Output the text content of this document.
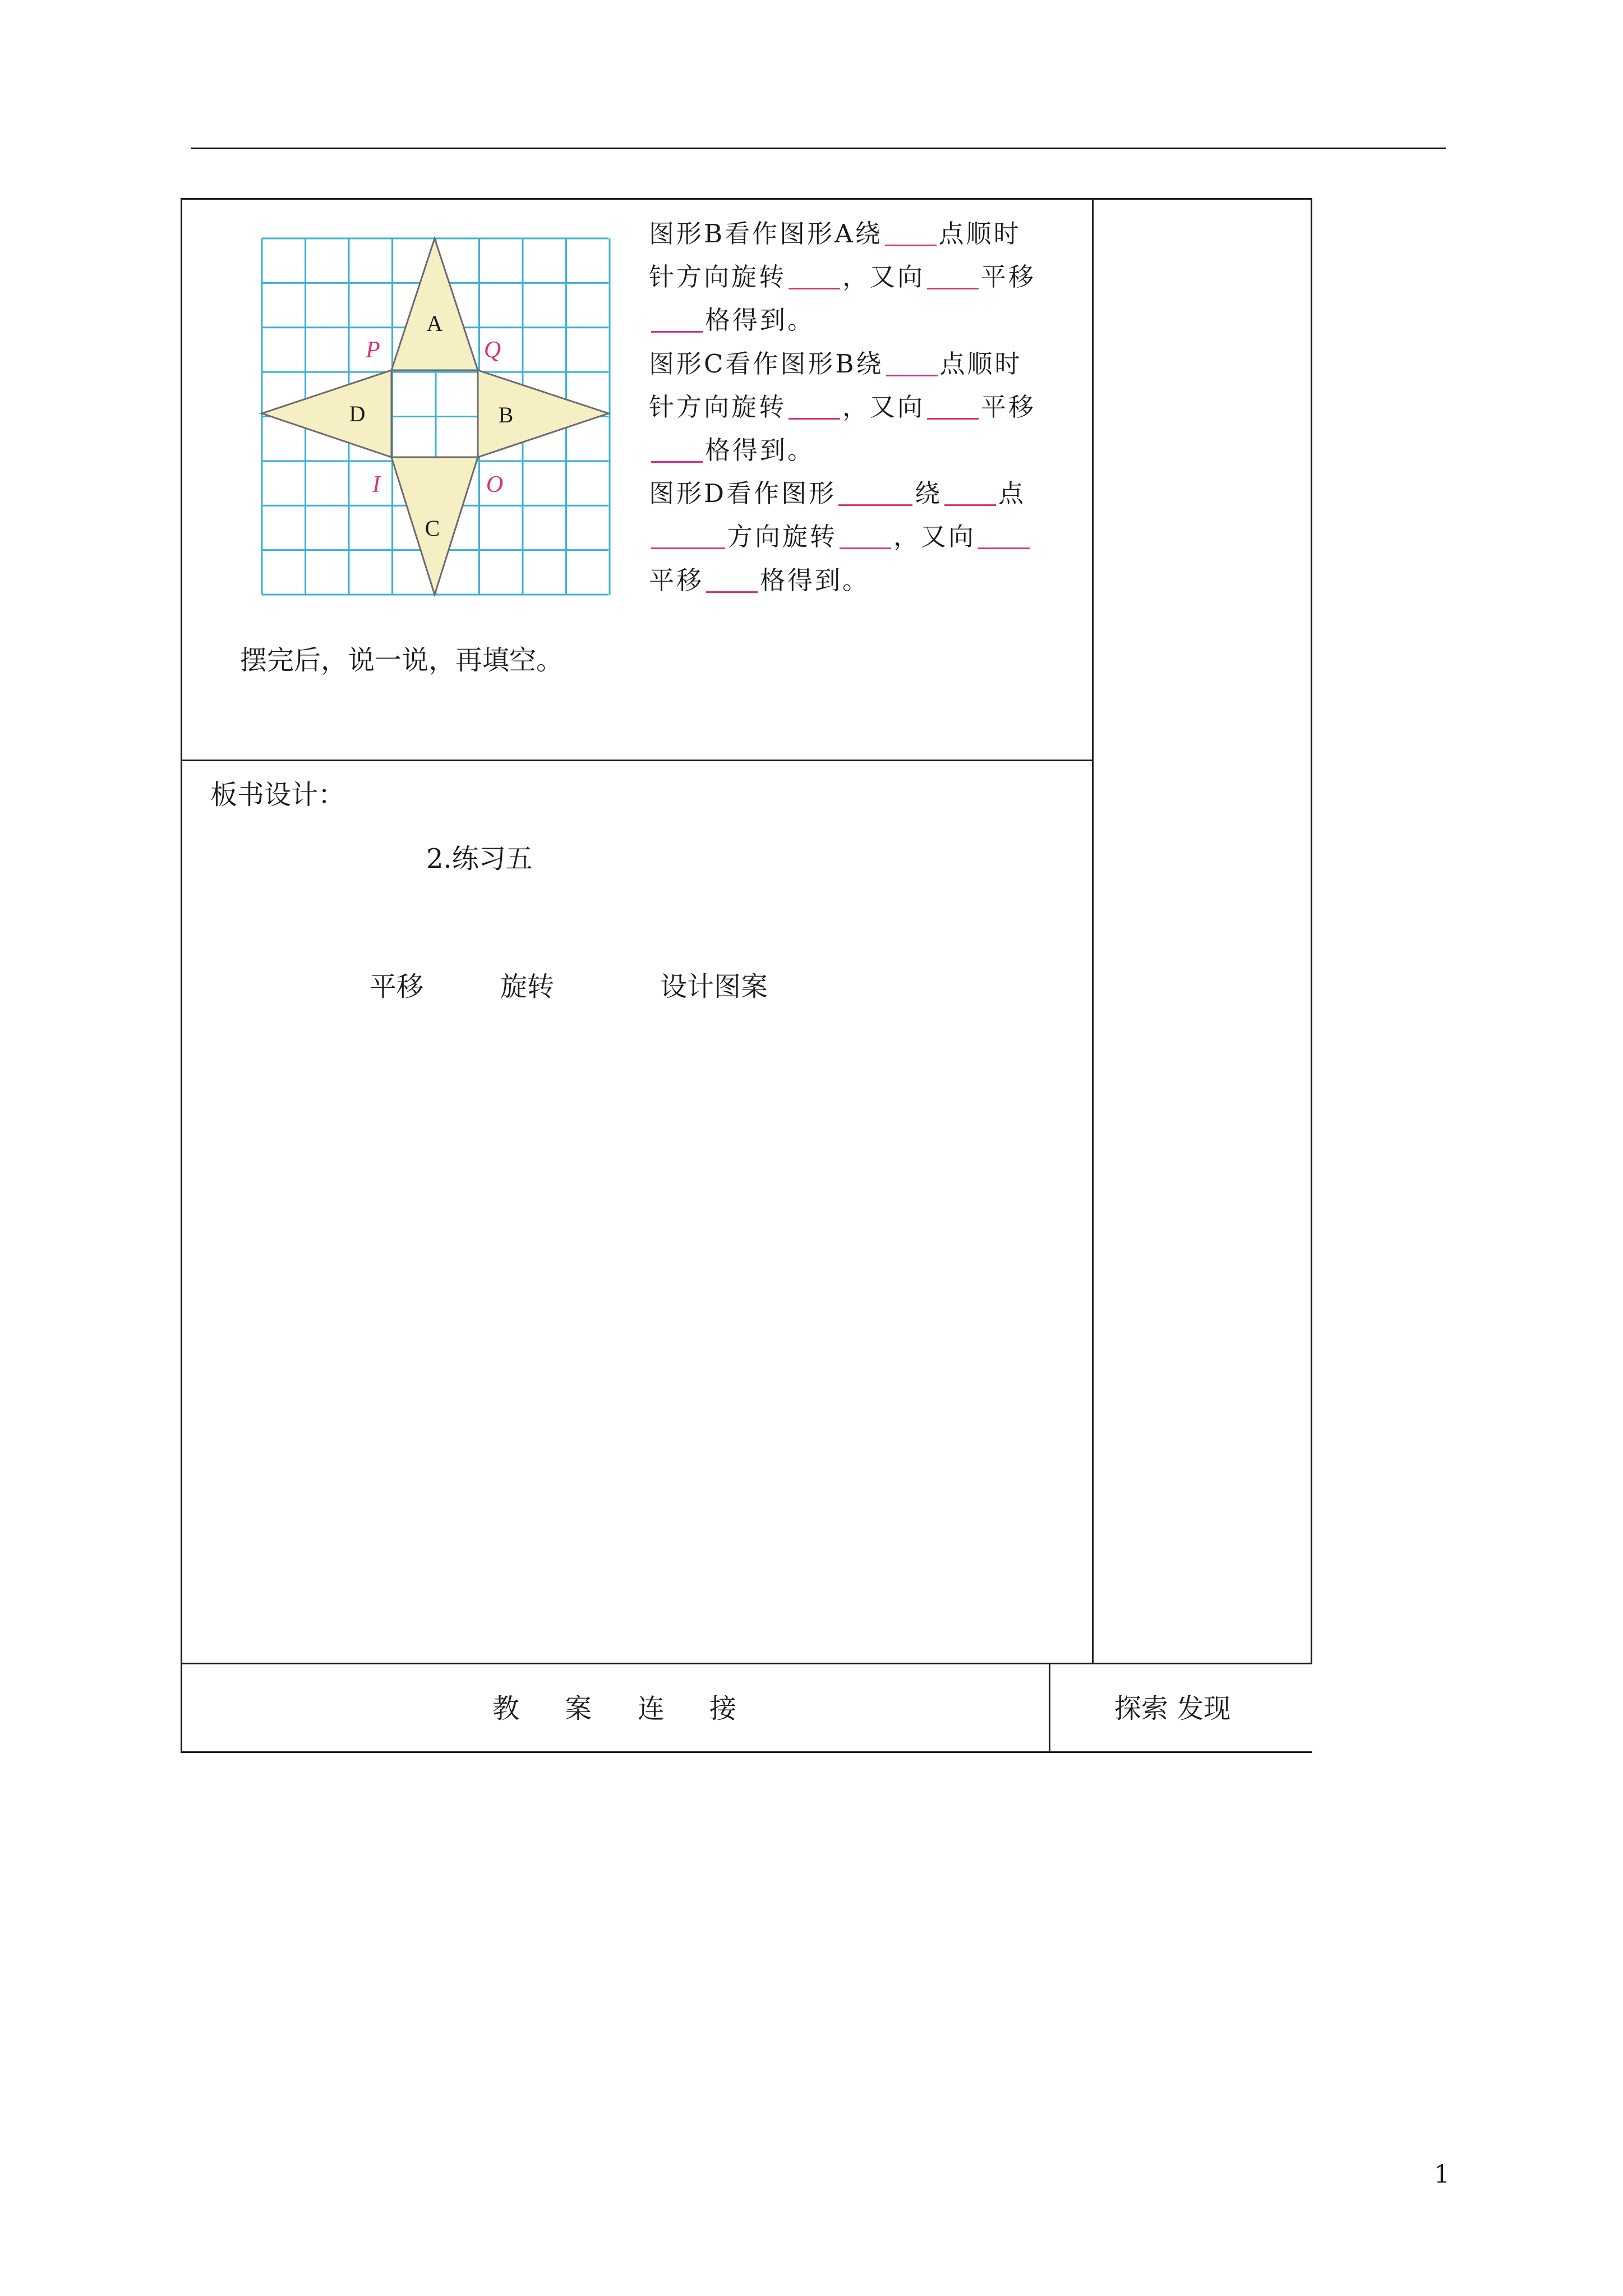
A
B
C
D
P	Q
I	O
图形B看作图形A绕 点顺时
针方向旋转 ，又向 平移
格得到。
图形C看作图形B绕 点顺时
针方向旋转 ，又向 平移
格得到。
图形D看作图形	绕 点
方向旋转 ，又向
平移 格得到。
摆完后，说一说，再填空。
板书设计：
2.练习五
平移	旋转	设计图案
教 案 连 接	探索 发现
1
